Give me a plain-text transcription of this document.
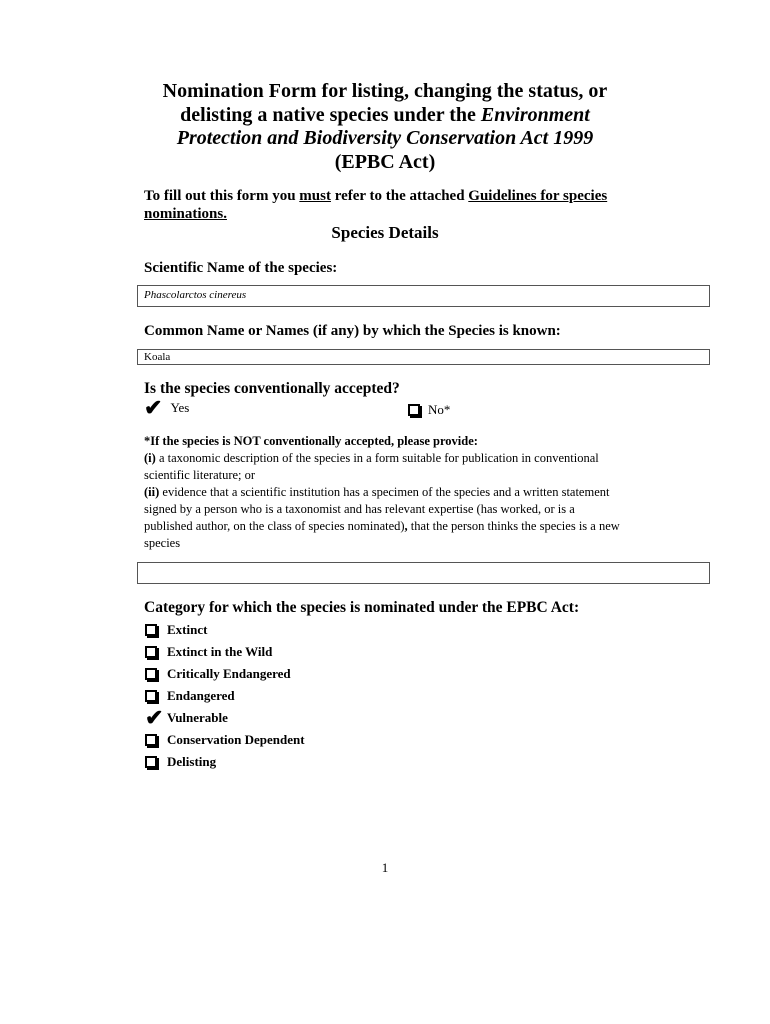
Nomination Form for listing, changing the status, or
delisting a native species under the Environment
Protection and Biodiversity Conservation Act 1999
(EPBC Act)
To fill out this form you must refer to the attached Guidelines for species nominations.
Species Details
Scientific Name of the species:
Phascolarctos cinereus
Common Name or Names (if any) by which the Species is known:
Koala
Is the species conventionally accepted?
✔ Yes	No*
*If the species is NOT conventionally accepted, please provide:
(i) a taxonomic description of the species in a form suitable for publication in conventional scientific literature; or
(ii) evidence that a scientific institution has a specimen of the species and a written statement signed by a person who is a taxonomist and has relevant expertise (has worked, or is a published author, on the class of species nominated), that the person thinks the species is a new species
Category for which the species is nominated under the EPBC Act:
Extinct
Extinct in the Wild
Critically Endangered
Endangered
✔ Vulnerable
Conservation Dependent
Delisting
1
